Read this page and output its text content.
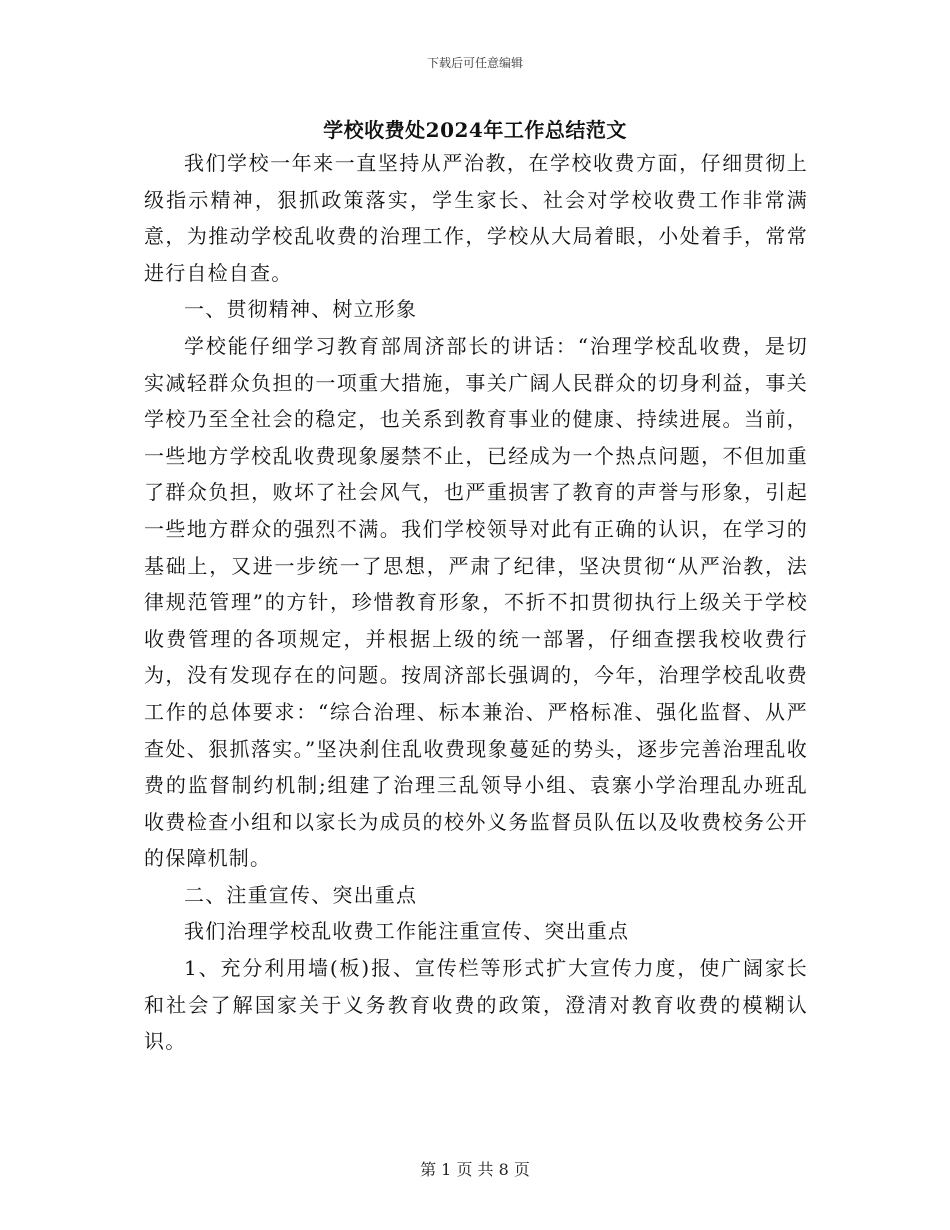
下载后可任意编辑
学校收费处2024年工作总结范文

我们学校一年来一直坚持从严治教，在学校收费方面，仔细贯彻上级指示精神，狠抓政策落实，学生家长、社会对学校收费工作非常满意，为推动学校乱收费的治理工作，学校从大局着眼，小处着手，常常进行自检自查。

一、贯彻精神、树立形象

学校能仔细学习教育部周济部长的讲话：“治理学校乱收费，是切实减轻群众负担的一项重大措施，事关广阔人民群众的切身利益，事关学校乃至全社会的稳定，也关系到教育事业的健康、持续进展。当前，一些地方学校乱收费现象屡禁不止，已经成为一个热点问题，不但加重了群众负担，败坏了社会风气，也严重损害了教育的声誉与形象，引起一些地方群众的强烈不满。我们学校领导对此有正确的认识，在学习的基础上，又进一步统一了思想，严肃了纪律，坚决贯彻“从严治教，法律规范管理”的方针，珍惜教育形象，不折不扣贯彻执行上级关于学校收费管理的各项规定，并根据上级的统一部署，仔细查摆我校收费行为，没有发现存在的问题。按周济部长强调的，今年，治理学校乱收费工作的总体要求：“综合治理、标本兼治、严格标准、强化监督、从严查处、狠抓落实。”坚决刹住乱收费现象蔓延的势头，逐步完善治理乱收费的监督制约机制;组建了治理三乱领导小组、袁寨小学治理乱办班乱收费检查小组和以家长为成员的校外义务监督员队伍以及收费校务公开的保障机制。

二、注重宣传、突出重点

我们治理学校乱收费工作能注重宣传、突出重点

1、充分利用墙(板)报、宣传栏等形式扩大宣传力度，使广阔家长和社会了解国家关于义务教育收费的政策，澄清对教育收费的模糊认识。

第 1 页 共 8 页
